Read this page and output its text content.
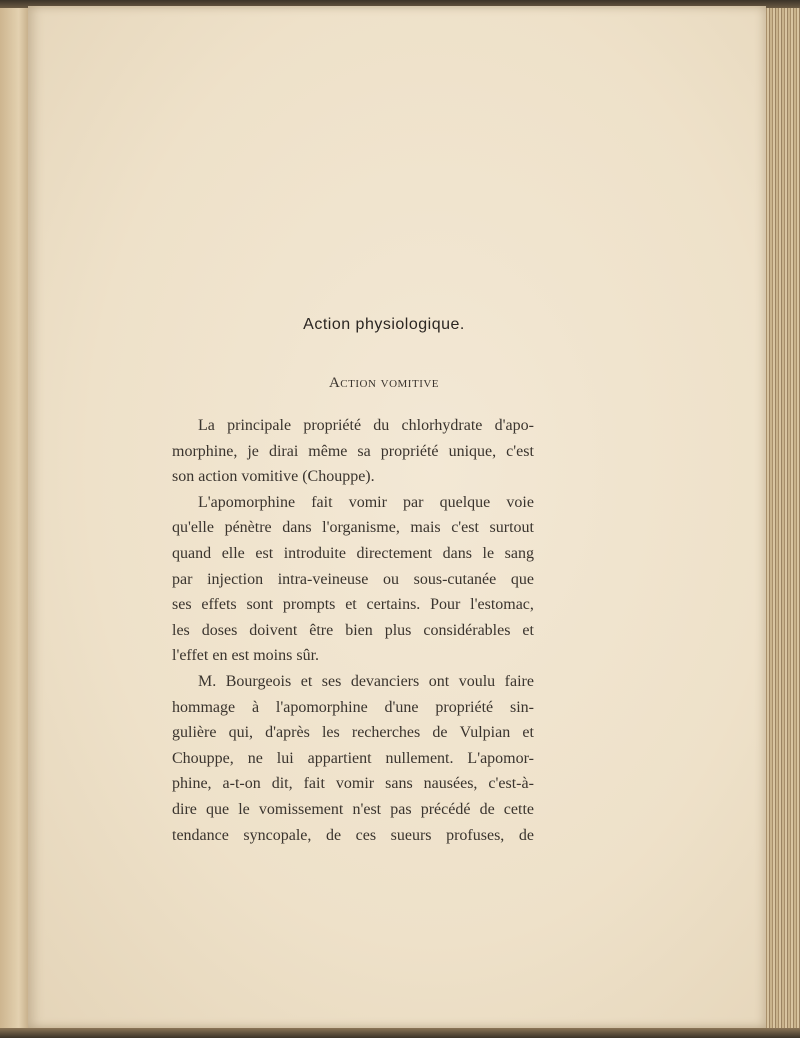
Action physiologique.
Action vomitive
La principale propriété du chlorhydrate d'apo-
morphine, je dirai même sa propriété unique, c'est
son action vomitive (Chouppe).
L'apomorphine fait vomir par quelque voie
qu'elle pénètre dans l'organisme, mais c'est surtout
quand elle est introduite directement dans le sang
par injection intra-veineuse ou sous-cutanée que
ses effets sont prompts et certains. Pour l'estomac,
les doses doivent être bien plus considérables et
l'effet en est moins sûr.
M. Bourgeois et ses devanciers ont voulu faire
hommage à l'apomorphine d'une propriété sin-
gulière qui, d'après les recherches de Vulpian et
Chouppe, ne lui appartient nullement. L'apomor-
phine, a-t-on dit, fait vomir sans nausées, c'est-à-
dire que le vomissement n'est pas précédé de cette
tendance syncopale, de ces sueurs profuses, de
